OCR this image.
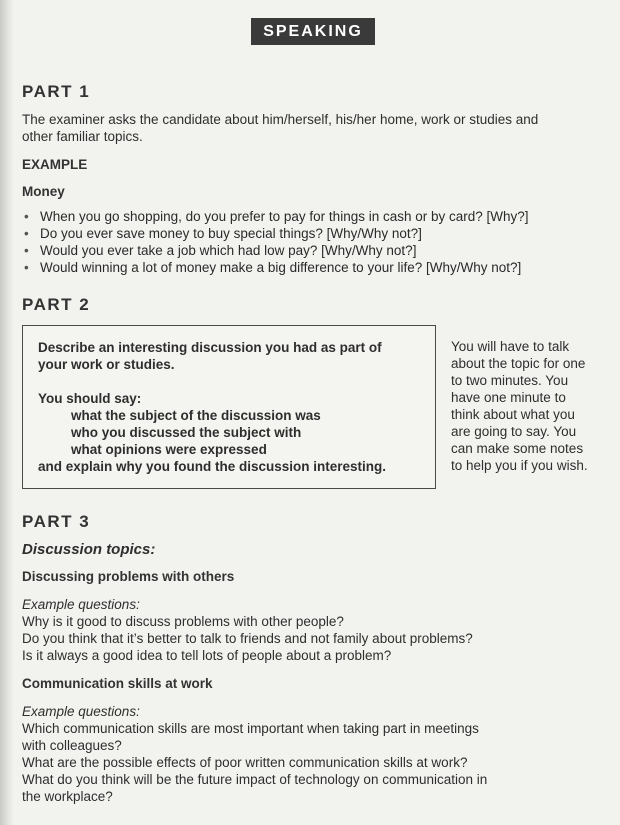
SPEAKING
PART 1
The examiner asks the candidate about him/herself, his/her home, work or studies and
other familiar topics.
EXAMPLE
Money
• When you go shopping, do you prefer to pay for things in cash or by card? [Why?]
• Do you ever save money to buy special things? [Why/Why not?]
• Would you ever take a job which had low pay? [Why/Why not?]
• Would winning a lot of money make a big difference to your life? [Why/Why not?]
PART 2
Describe an interesting discussion you had as part of
your work or studies.
You should say:
what the subject of the discussion was
who you discussed the subject with
what opinions were expressed
and explain why you found the discussion interesting.
You will have to talk
about the topic for one
to two minutes. You
have one minute to
think about what you
are going to say. You
can make some notes
to help you if you wish.
PART 3
Discussion topics:
Discussing problems with others
Example questions:
Why is it good to discuss problems with other people?
Do you think that it’s better to talk to friends and not family about problems?
Is it always a good idea to tell lots of people about a problem?
Communication skills at work
Example questions:
Which communication skills are most important when taking part in meetings
with colleagues?
What are the possible effects of poor written communication skills at work?
What do you think will be the future impact of technology on communication in
the workplace?
